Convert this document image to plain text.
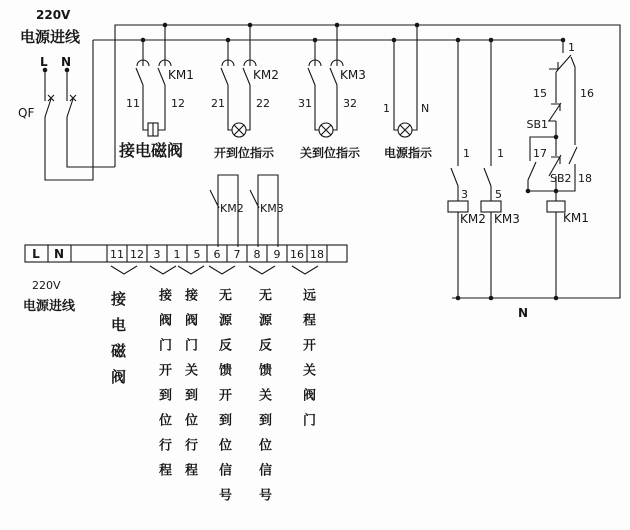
220V
电源进线
L N
QF
KM1
11	12
接电磁阀
KM2
21	22
开到位指示
KM3
31	32
关到位指示
1	N
电源指示	1 1
3 5
KM2 KM3
1
15	16
SB1
17
SB2 18
KM1
N
KM2 KM3
L N	11 12 3 1 5 6 7 8 9 16 18
220V
电源进线 接电磁阀 接阀门开到位行程 接阀门关到位行程 无源反馈开到位信号 无源反馈关到位信号 远程开关阀门
